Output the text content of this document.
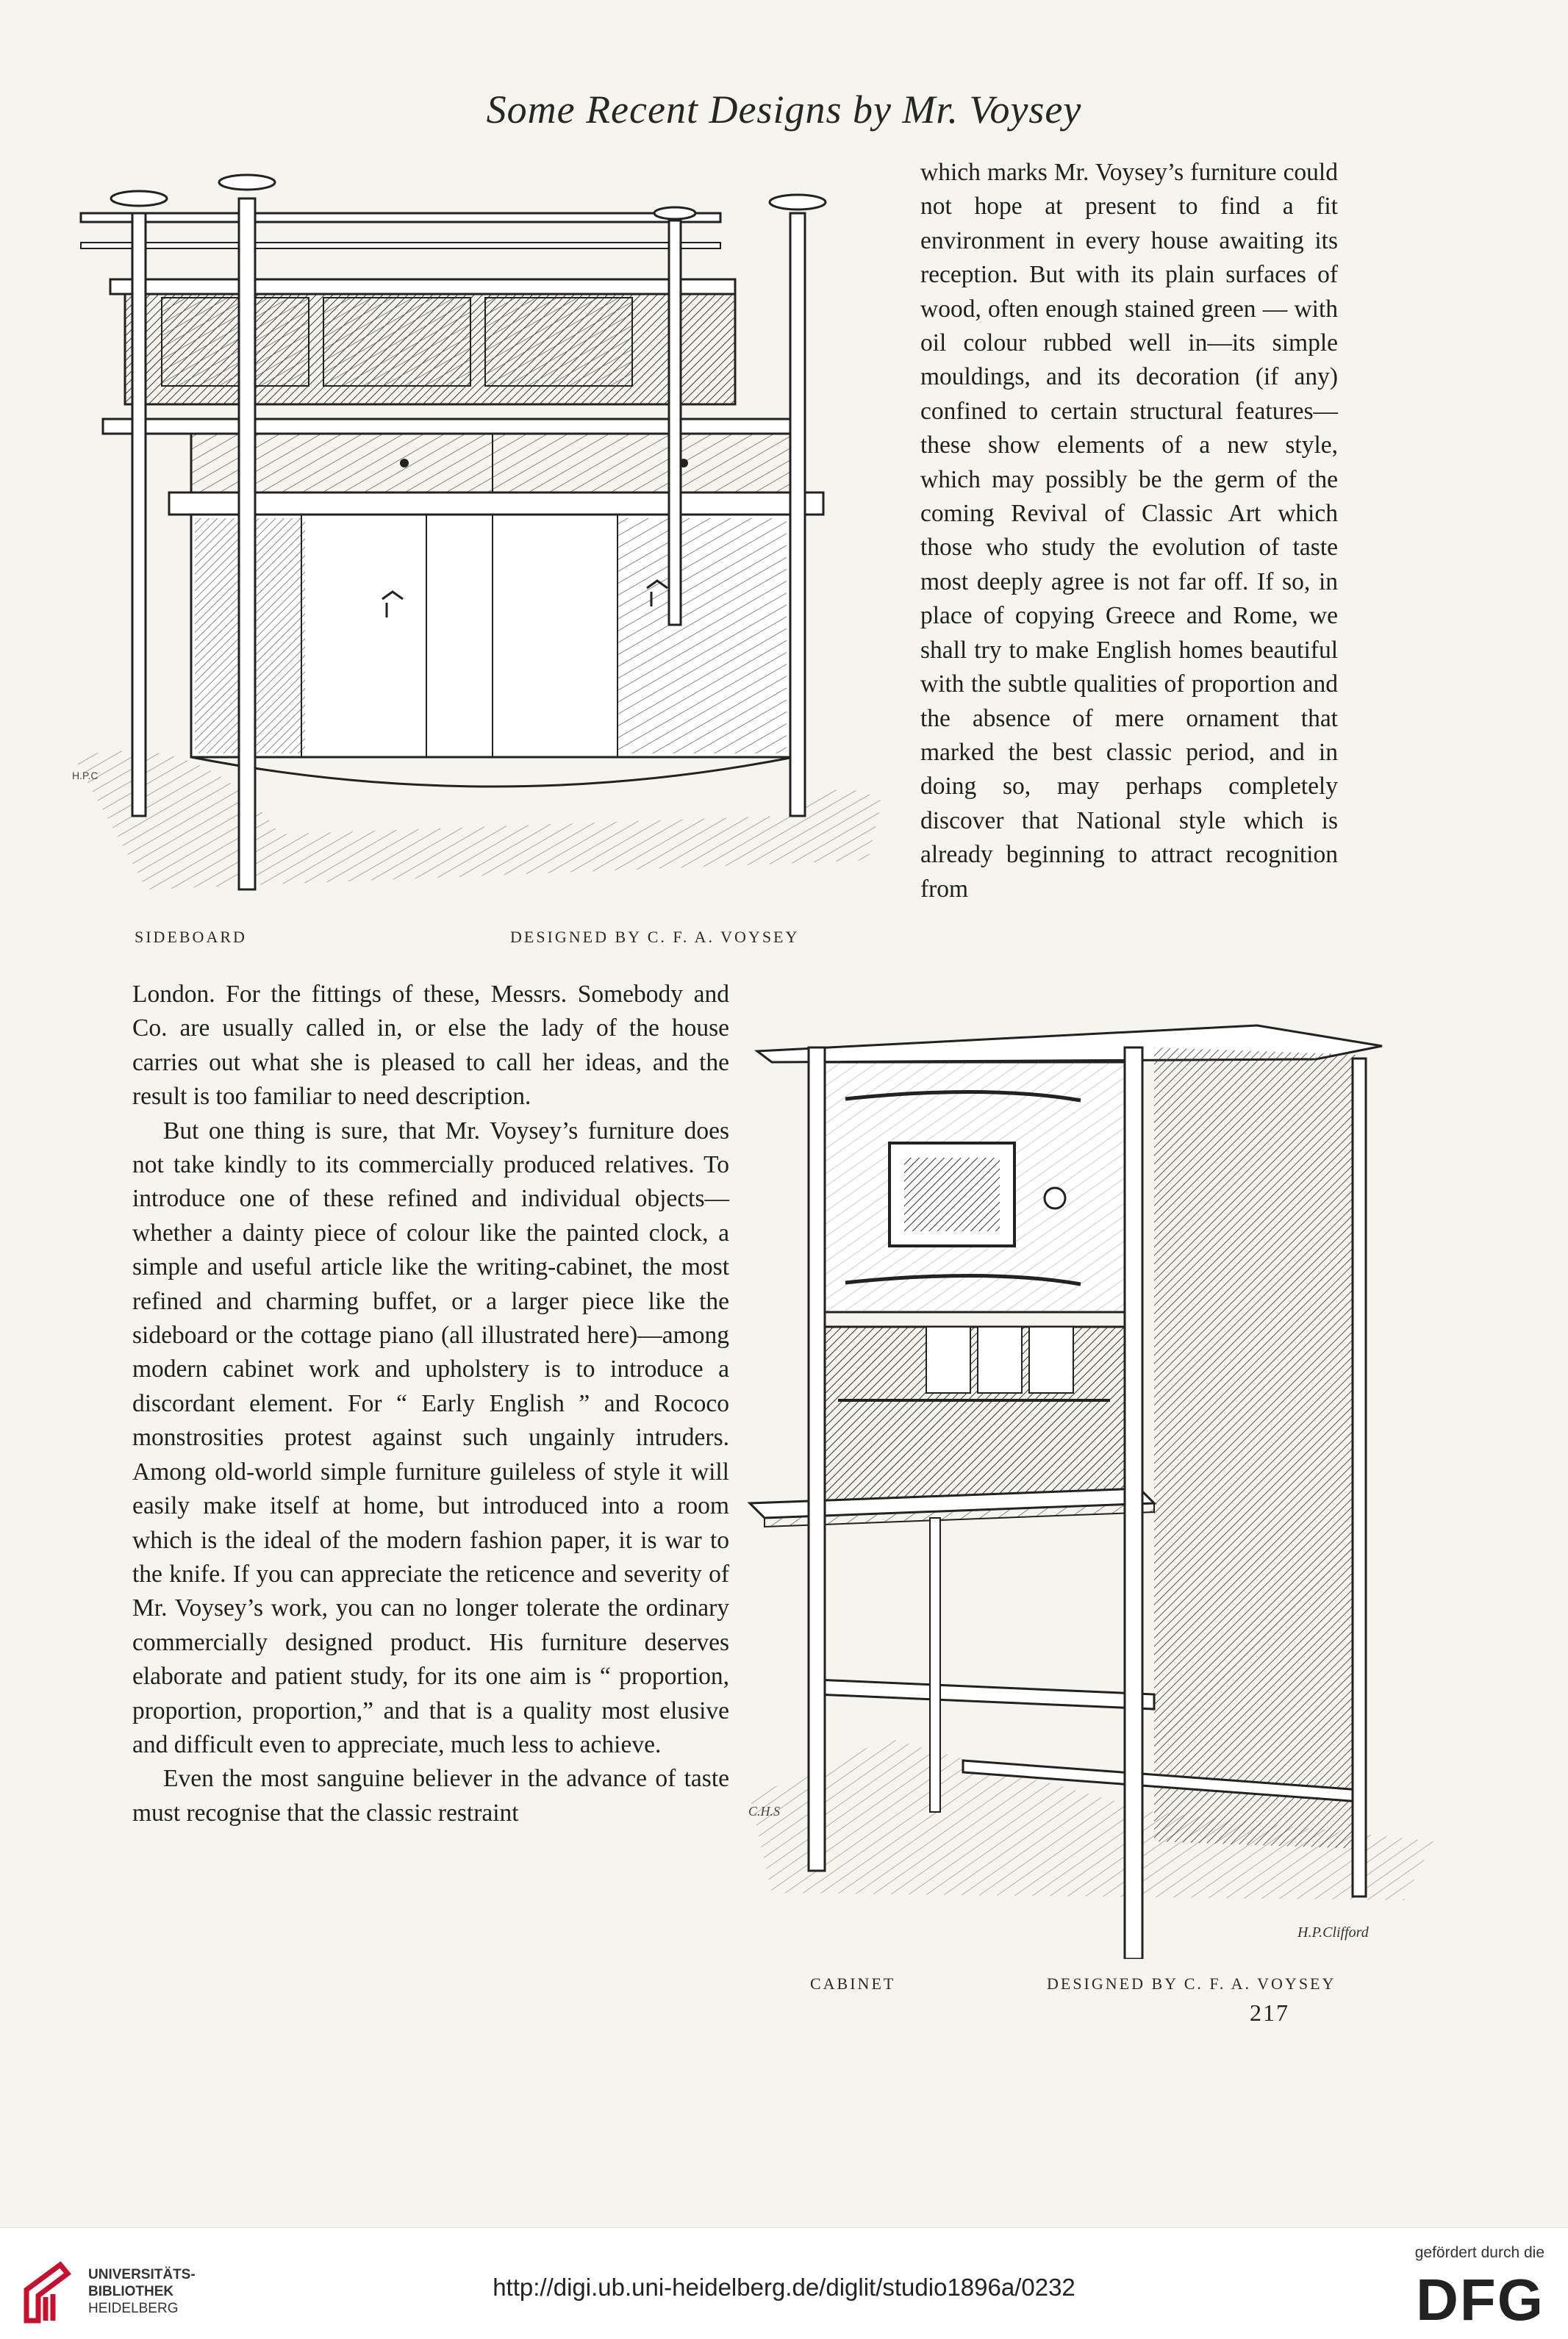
Some Recent Designs by Mr. Voysey
H.P.C
SIDEBOARD	DESIGNED BY C. F. A. VOYSEY

which marks Mr. Voysey’s furniture could not hope at present to find a fit environment in every house awaiting its reception. But with its plain surfaces of wood, often enough stained green — with oil colour rubbed well in—its simple mouldings, and its decoration (if any) confined to certain structural features—these show elements of a new style, which may possibly be the germ of the coming Revival of Classic Art which those who study the evolution of taste most deeply agree is not far off. If so, in place of copying Greece and Rome, we shall try to make English homes beautiful with the subtle qualities of proportion and the absence of mere ornament that marked the best classic period, and in doing so, may perhaps completely discover that National style which is already beginning to attract recognition from

London. For the fittings of these, Messrs. Somebody and Co. are usually called in, or else the lady of the house carries out what she is pleased to call her ideas, and the result is too familiar to need description.

But one thing is sure, that Mr. Voysey’s furniture does not take kindly to its commercially produced relatives. To introduce one of these refined and individual objects—whether a dainty piece of colour like the painted clock, a simple and useful article like the writing-cabinet, the most refined and charming buffet, or a larger piece like the sideboard or the cottage piano (all illustrated here)—among modern cabinet work and upholstery is to introduce a discordant element. For “ Early English ” and Rococo monstrosities protest against such ungainly intruders. Among old-world simple furniture guileless of style it will easily make itself at home, but introduced into a room which is the ideal of the modern fashion paper, it is war to the knife. If you can appreciate the reticence and severity of Mr. Voysey’s work, you can no longer tolerate the ordinary commercially designed product. His furniture deserves elaborate and patient study, for its one aim is “ proportion, proportion, proportion,” and that is a quality most elusive and difficult even to appreciate, much less to achieve.

Even the most sanguine believer in the advance of taste must recognise that the classic restraint	C.H.S
H.P.Clifford
CABINET	DESIGNED BY C. F. A. VOYSEY
217
UNIVERSITÄTS-
BIBLIOTHEK
HEIDELBERG
http://digi.ub.uni-heidelberg.de/diglit/studio1896a/0232
gefördert durch die
DFG
